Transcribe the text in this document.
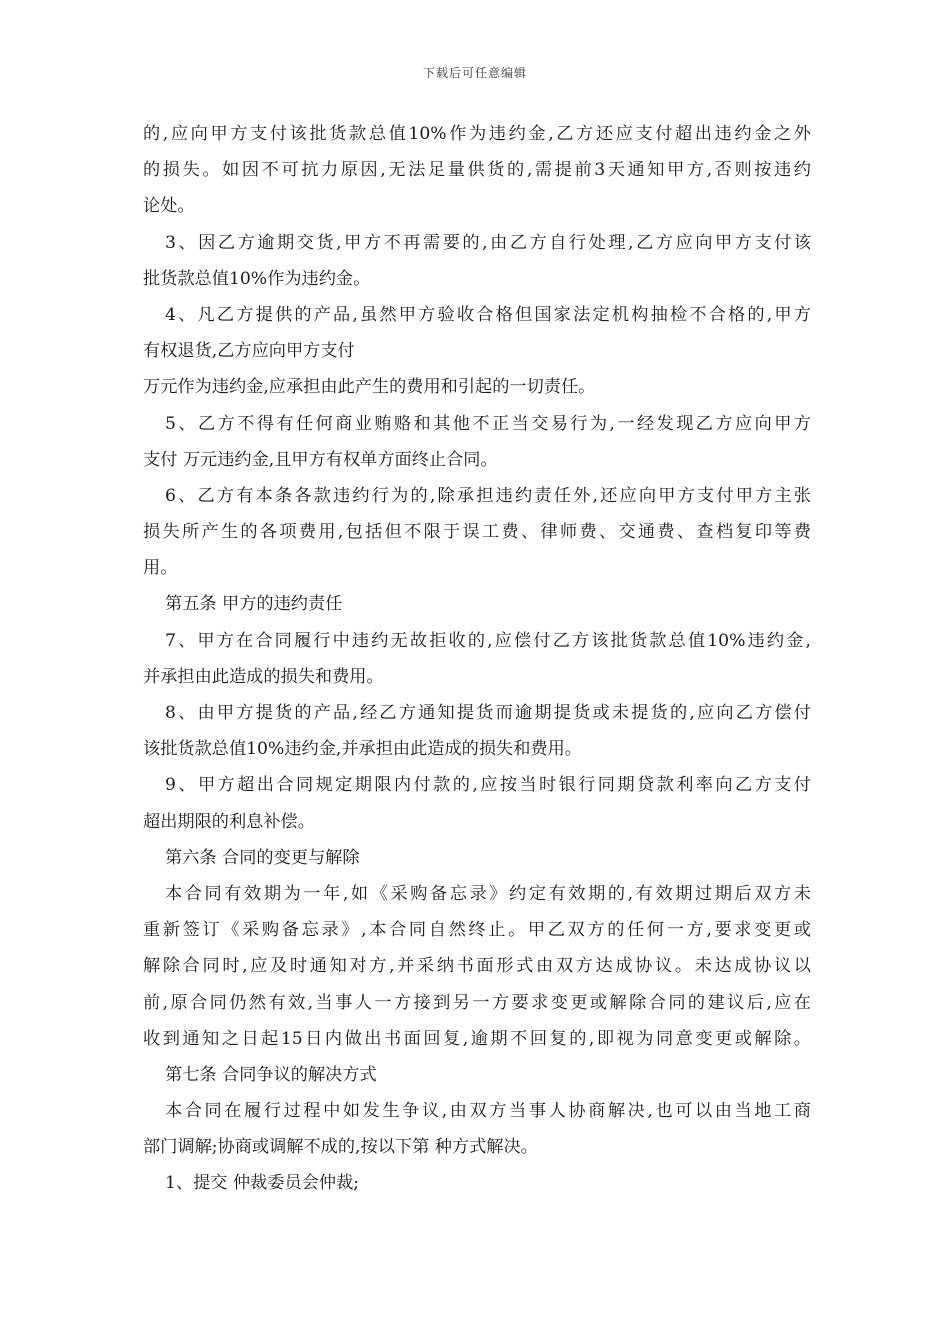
下载后可任意编辑
的,应向甲方支付该批货款总值10%作为违约金,乙方还应支付超出违约金之外
的损失。如因不可抗力原因,无法足量供货的,需提前3天通知甲方,否则按违约
论处。
3、因乙方逾期交货,甲方不再需要的,由乙方自行处理,乙方应向甲方支付该
批货款总值10%作为违约金。
4、凡乙方提供的产品,虽然甲方验收合格但国家法定机构抽检不合格的,甲方
有权退货,乙方应向甲方支付
万元作为违约金,应承担由此产生的费用和引起的一切责任。
5、乙方不得有任何商业贿赂和其他不正当交易行为,一经发现乙方应向甲方
支付 万元违约金,且甲方有权单方面终止合同。
6、乙方有本条各款违约行为的,除承担违约责任外,还应向甲方支付甲方主张
损失所产生的各项费用,包括但不限于误工费、律师费、交通费、查档复印等费
用。
第五条 甲方的违约责任
7、甲方在合同履行中违约无故拒收的,应偿付乙方该批货款总值10%违约金,
并承担由此造成的损失和费用。
8、由甲方提货的产品,经乙方通知提货而逾期提货或未提货的,应向乙方偿付
该批货款总值10%违约金,并承担由此造成的损失和费用。
9、甲方超出合同规定期限内付款的,应按当时银行同期贷款利率向乙方支付
超出期限的利息补偿。
第六条 合同的变更与解除
本合同有效期为一年,如《采购备忘录》约定有效期的,有效期过期后双方未
重新签订《采购备忘录》,本合同自然终止。甲乙双方的任何一方,要求变更或
解除合同时,应及时通知对方,并采纳书面形式由双方达成协议。未达成协议以
前,原合同仍然有效,当事人一方接到另一方要求变更或解除合同的建议后,应在
收到通知之日起15日内做出书面回复,逾期不回复的,即视为同意变更或解除。
第七条 合同争议的解决方式
本合同在履行过程中如发生争议,由双方当事人协商解决,也可以由当地工商
部门调解;协商或调解不成的,按以下第 种方式解决。
1、提交 仲裁委员会仲裁;
